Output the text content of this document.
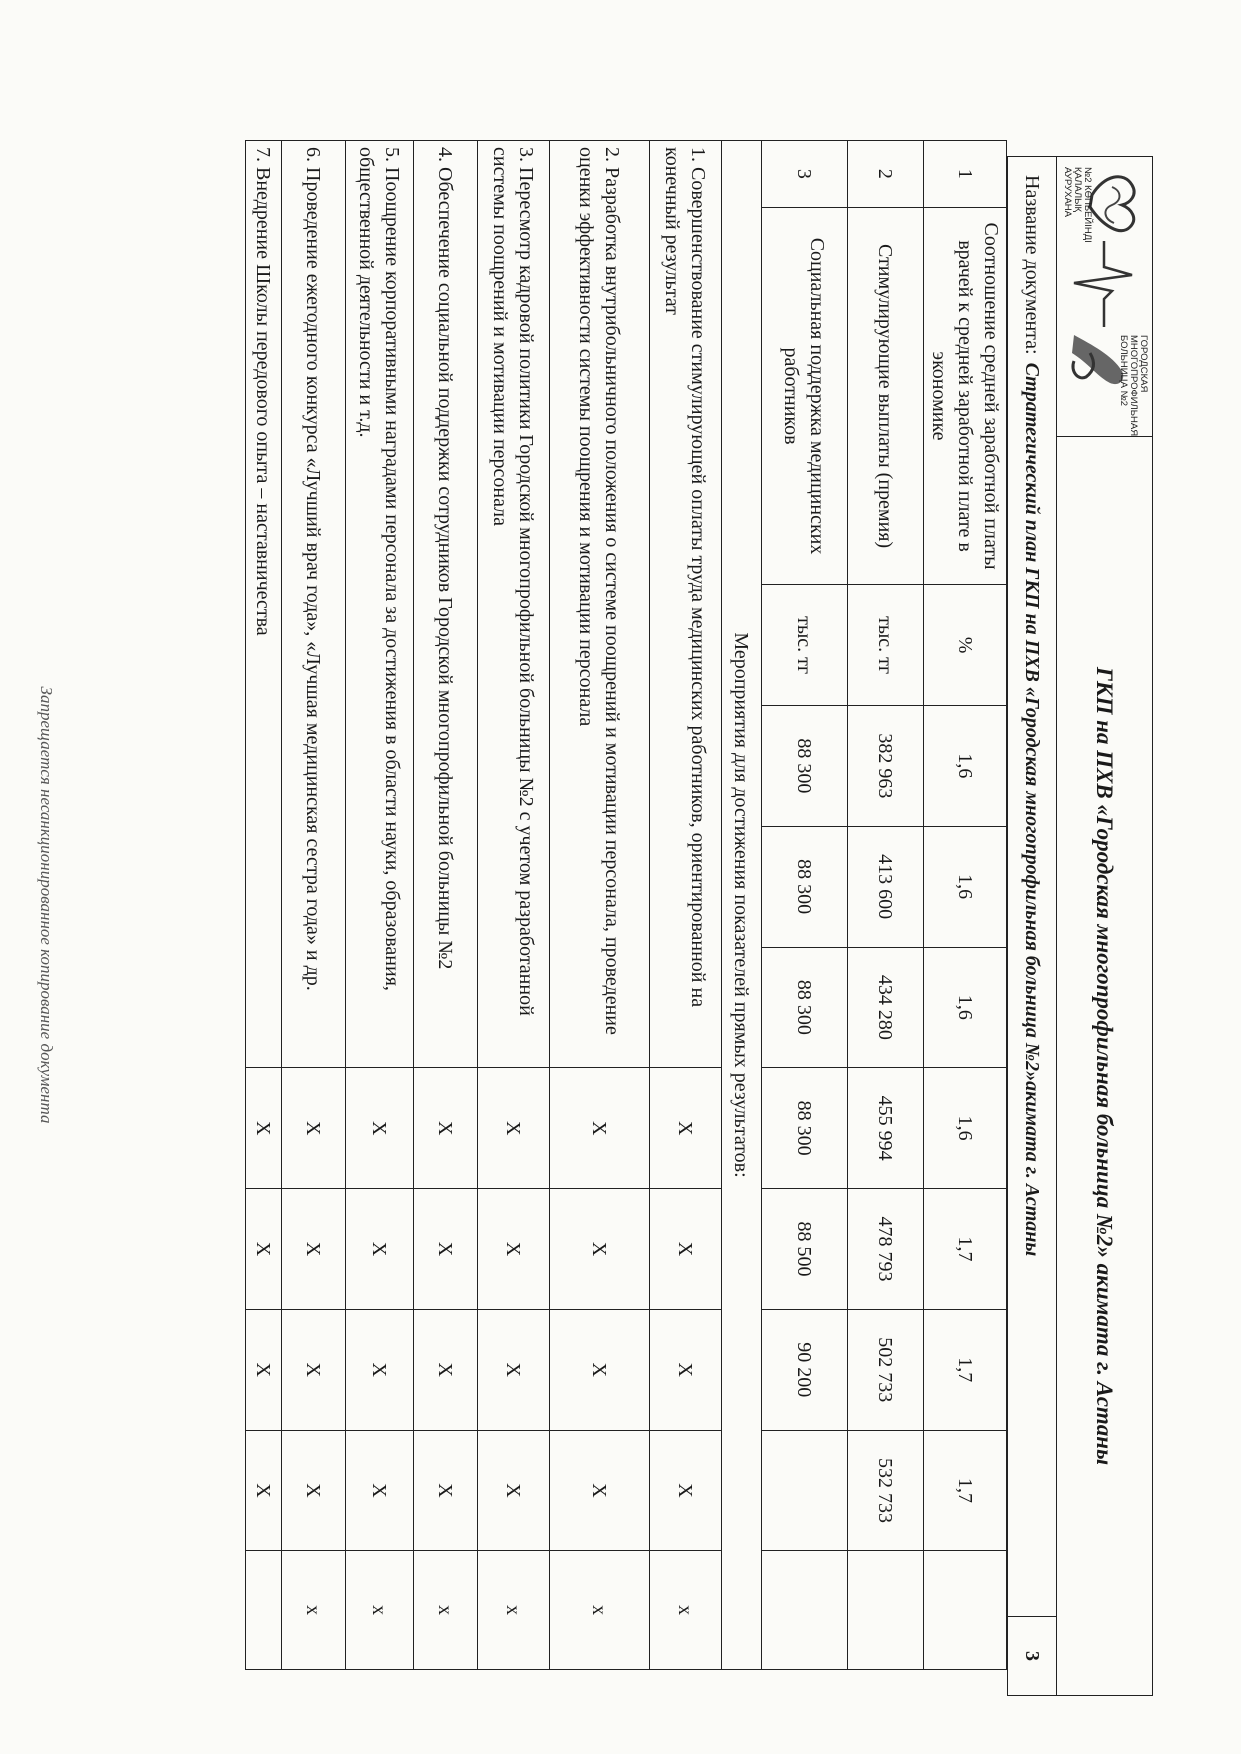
№2 КӨПБЕЙІНДІ
ҚАЛАЛЫҚ
АУРУХАНА
ГОРОДСКАЯ
МНОГОПРОФИЛЬНАЯ
БОЛЬНИЦА №2
ГКП на ПХВ «Городская многопрофильная больница №2» акимата г. Астаны
Название документа:
Стратегический план ГКП на ПХВ «Городская многопрофильная больница №2»акимата г. Астаны
3
1	Соотношение средней заработной платы врачей к средней заработной плате в экономике	%	1,6	1,6	1,6	1,6	1,7	1,7	1,7	
2	Стимулирующие выплаты (премия)	тыс. тг	382 963	413 600	434 280	455 994	478 793	502 733	532 733	
3	Социальная поддержка медицинских работников	тыс. тг	88 300	88 300	88 300	88 300	88 500	90 200		
Мероприятия для достижения показателей прямых результатов:										
1. Совершенствование стимулирующей оплаты труда медицинских работников, ориентированной на конечный результат						Х	Х	Х	Х	х
2. Разработка внутрибольничного положения о системе поощрений и мотивации персонала, проведение оценки эффективности системы поощрения и мотивации персонала						Х	Х	Х	Х	х
3. Пересмотр кадровой политики Городской многопрофильной больницы №2 с учетом разработанной системы поощрений и мотивации персонала						Х	Х	Х	Х	х
4. Обеспечение социальной поддержки сотрудников Городской многопрофильной больницы №2						Х	Х	Х	Х	х
5. Поощрение корпоративными наградами персонала за достижения в области науки, образования, общественной деятельности и т.д.						Х	Х	Х	Х	х
6. Проведение ежегодного конкурса «Лучший врач года», «Лучшая медицинская сестра года» и др.						Х	Х	Х	Х	х
7. Внедрение Школы передового опыта – наставничества						Х	Х	Х	Х	
Запрещается несанкционированное копирование документа
